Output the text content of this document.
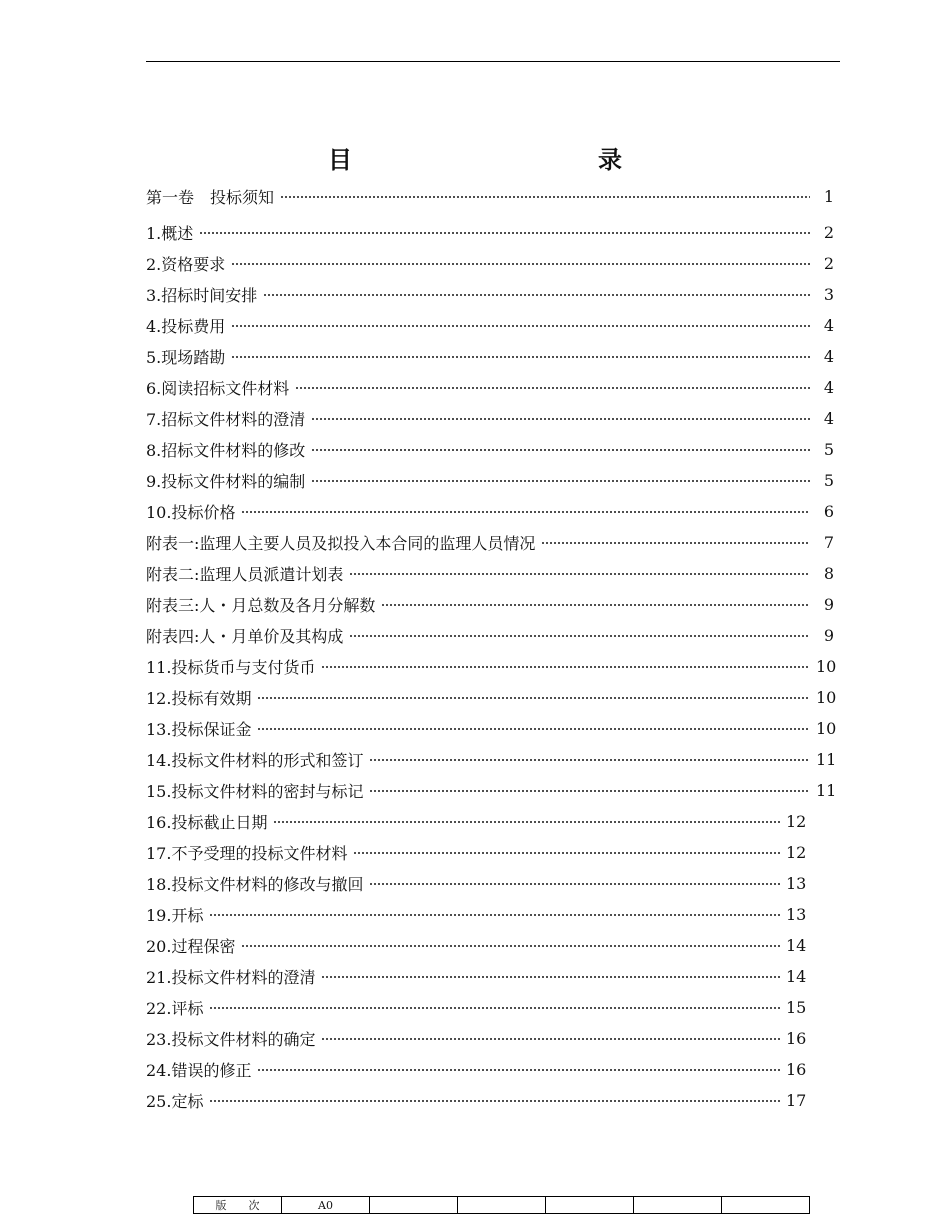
目　　录
第一卷　投标须知	1
1.概述	2
2.资格要求	2
3.招标时间安排	3
4.投标费用	4
5.现场踏勘	4
6.阅读招标文件材料	4
7.招标文件材料的澄清	4
8.招标文件材料的修改	5
9.投标文件材料的编制	5
10.投标价格	6
附表一:监理人主要人员及拟投入本合同的监理人员情况	7
附表二:监理人员派遣计划表	8
附表三:人・月总数及各月分解数	9
附表四:人・月单价及其构成	9
11.投标货币与支付货币	10
12.投标有效期	10
13.投标保证金	10
14.投标文件材料的形式和签订	11
15.投标文件材料的密封与标记	11
16.投标截止日期	12
17.不予受理的投标文件材料	12
18.投标文件材料的修改与撤回	13
19.开标	13
20.过程保密	14
21.投标文件材料的澄清	14
22.评标	15
23.投标文件材料的确定	16
24.错误的修正	16
25.定标	17
版　　次	A0					
